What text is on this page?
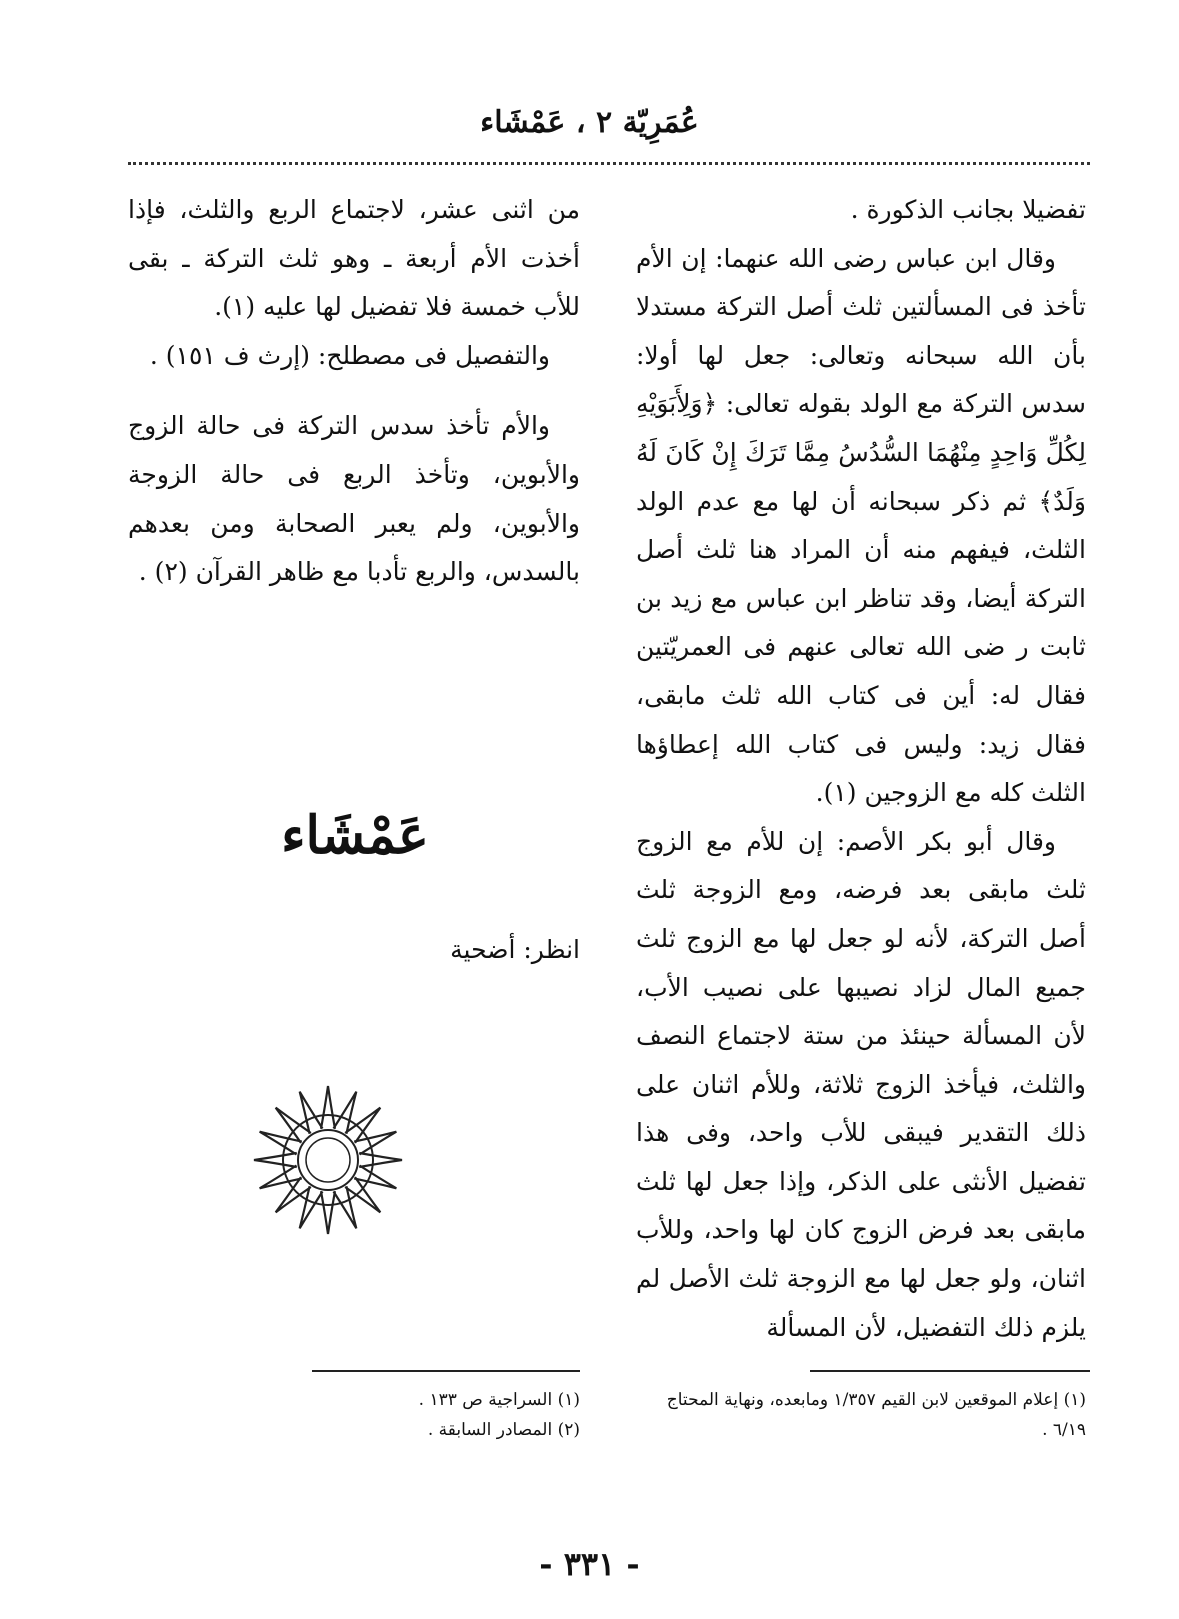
عُمَرِيّة ٢ ، عَمْشَاء

تفضيلا بجانب الذكورة .

وقال ابن عباس رضى الله عنهما: إن الأم تأخذ فى المسألتين ثلث أصل التركة مستدلا بأن الله سبحانه وتعالى: جعل لها أولا: سدس التركة مع الولد بقوله تعالى: ﴿وَلِأَبَوَيْهِ لِكُلِّ وَاحِدٍ مِنْهُمَا السُّدُسُ مِمَّا تَرَكَ إِنْ كَانَ لَهُ وَلَدٌ﴾ ثم ذكر سبحانه أن لها مع عدم الولد الثلث، فيفهم منه أن المراد هنا ثلث أصل التركة أيضا، وقد تناظر ابن عباس مع زيد بن ثابت ر ضى الله تعالى عنهم فى العمريّتين فقال له: أين فى كتاب الله ثلث مابقى، فقال زيد: وليس فى كتاب الله إعطاؤها الثلث كله مع الزوجين (١).

وقال أبو بكر الأصم: إن للأم مع الزوج ثلث مابقى بعد فرضه، ومع الزوجة ثلث أصل التركة، لأنه لو جعل لها مع الزوج ثلث جميع المال لزاد نصيبها على نصيب الأب، لأن المسألة حينئذ من ستة لاجتماع النصف والثلث، فيأخذ الزوج ثلاثة، وللأم اثنان على ذلك التقدير فيبقى للأب واحد، وفى هذا تفضيل الأنثى على الذكر، وإذا جعل لها ثلث مابقى بعد فرض الزوج كان لها واحد، وللأب اثنان، ولو جعل لها مع الزوجة ثلث الأصل لم يلزم ذلك التفضيل، لأن المسألة

من اثنى عشر، لاجتماع الربع والثلث، فإذا أخذت الأم أربعة ـ وهو ثلث التركة ـ بقى للأب خمسة فلا تفضيل لها عليه (١).

والتفصيل فى مصطلح: (إرث ف ١٥١) .

والأم تأخذ سدس التركة فى حالة الزوج والأبوين، وتأخذ الربع فى حالة الزوجة والأبوين، ولم يعبر الصحابة ومن بعدهم بالسدس، والربع تأدبا مع ظاهر القرآن (٢) .

عَمْشَاء
انظر: أضحية

(١) السراجية ص ١٣٣ .

(٢) المصادر السابقة .

(١) إعلام الموقعين لابن القيم ١/٣٥٧ ومابعده، ونهاية المحتاج ٦/١٩ .

- ٣٣١ -
